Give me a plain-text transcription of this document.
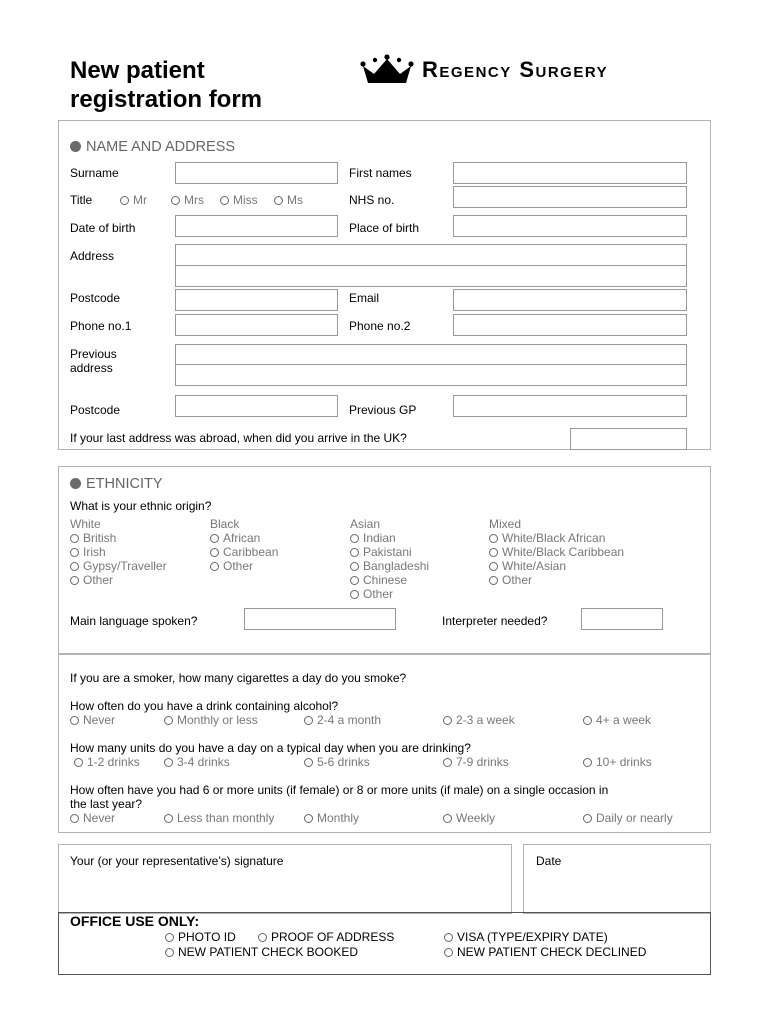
New patient
registration form
Regency Surgery
NAME AND ADDRESS
Surname	First names
Title	Mr	Mrs	Miss	Ms	NHS no.
Date of birth	Place of birth
Address
Postcode	Email
Phone no.1	Phone no.2
Previous
address
Postcode	Previous GP
If your last address was abroad, when did you arrive in the UK?
ETHNICITY
What is your ethnic origin?
White
British
Irish
Gypsy/Traveller
Other
Black
African
Caribbean
Other
Asian
Indian
Pakistani
Bangladeshi
Chinese
Other
Mixed
White/Black African
White/Black Caribbean
White/Asian
Other
Main language spoken?	Interpreter needed?
If you are a smoker, how many cigarettes a day do you smoke?
How often do you have a drink containing alcohol?
Never	Monthly or less	2-4 a month	2-3 a week	4+ a week
How many units do you have a day on a typical day when you are drinking?
1-2 drinks	3-4 drinks	5-6 drinks	7-9 drinks	10+ drinks
How often have you had 6 or more units (if female) or 8 or more units (if male) on a single occasion in
the last year?
Never	Less than monthly	Monthly	Weekly	Daily or nearly
Your (or your representative’s) signature	Date
OFFICE USE ONLY:
PHOTO ID	PROOF OF ADDRESS	VISA (TYPE/EXPIRY DATE)
NEW PATIENT CHECK BOOKED	NEW PATIENT CHECK DECLINED
